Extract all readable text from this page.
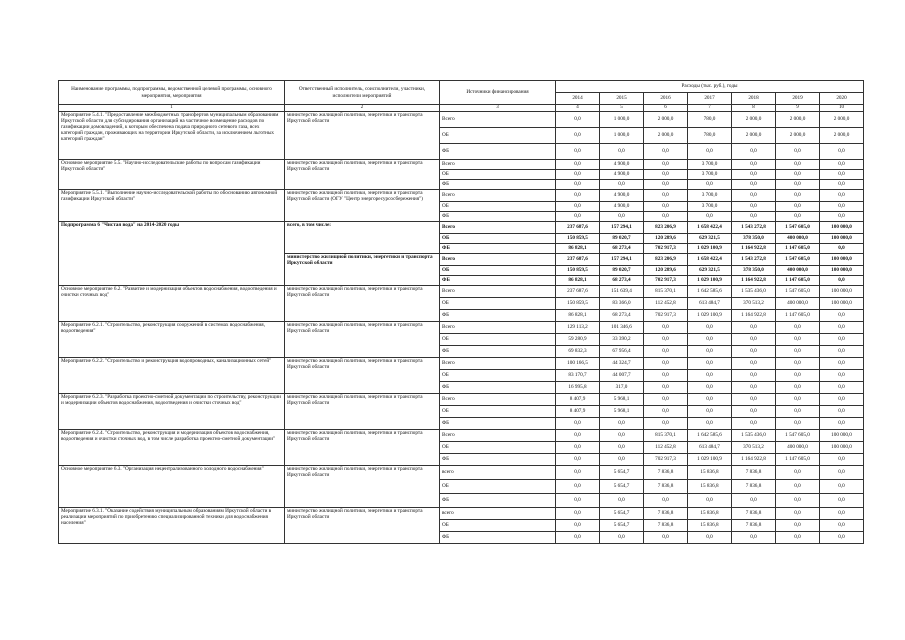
Наименование программы, подпрограммы, ведомственной целевой программы, основного мероприятия, мероприятия	Ответственный исполнитель, соисполнители, участники, исполнители мероприятий	Источники финансирования	Расходы (тыс. руб.), годы						
			2014	2015	2016	2017	2018	2019	2020
1	2	3	4	5	6	7	8	9	10
Мероприятие 5.4.1. "Предоставление межбюджетных трансфертов муниципальным образованиям Иркутской области для субсидирования организаций на частичное возмещение расходов по газификации домовладений, к которым обеспечена подача природного сетевого газа, всех категорий граждан, проживающих на территории Иркутской области, за исключением льготных категорий граждан"	министерство жилищной политики, энергетики и транспорта Иркутской области	Всего	0,0	1 000,0	2 000,0	780,0	2 000,0	2 000,0	2 000,0
		ОБ	0,0	1 000,0	2 000,0	780,0	2 000,0	2 000,0	2 000,0
		ФБ	0,0	0,0	0,0	0,0	0,0	0,0	0,0
Основное мероприятие 5.5. "Научно-исследовательские работы по вопросам газификации Иркутской области"	министерство жилищной политики, энергетики и транспорта Иркутской области	Всего	0,0	4 900,0	0,0	3 700,0	0,0	0,0	0,0
		ОБ	0,0	4 900,0	0,0	3 700,0	0,0	0,0	0,0
		ФБ	0,0	0,0	0,0	0,0	0,0	0,0	0,0
Мероприятие 5.5.1. "Выполнение научно-исследовательской работы по обоснованию автономной газификации Иркутской области"	министерство жилищной политики, энергетики и транспорта Иркутской области (ОГУ "Центр энергоресурсосбережения")	Всего	0,0	4 900,0	0,0	3 700,0	0,0	0,0	0,0
		ОБ	0,0	4 900,0	0,0	3 700,0	0,0	0,0	0,0
		ФБ	0,0	0,0	0,0	0,0	0,0	0,0	0,0
Подпрограмма 6 "Чистая вода" на 2014-2020 годы	всего, в том числе:	Всего	237 687,6	157 294,1	823 206,9	1 658 422,4	1 543 272,8	1 547 605,0	100 000,0
		ОБ	150 859,5	89 020,7	120 289,6	629 321,5	378 350,0	400 000,0	100 000,0
		ФБ	86 828,1	68 273,4	702 917,3	1 029 100,9	1 164 922,8	1 147 605,0	0,0
	министерство жилищной политики, энергетики и транспорта Иркутской области	Всего	237 687,6	157 294,1	823 206,9	1 658 422,4	1 543 272,8	1 547 605,0	100 000,0
		ОБ	150 859,5	89 020,7	120 289,6	629 321,5	378 350,0	400 000,0	100 000,0
		ФБ	86 828,1	68 273,4	702 917,3	1 029 100,9	1 164 922,8	1 147 605,0	0,0
Основное мероприятие 6.2. "Развитие и модернизация объектов водоснабжения, водоотведения и очистки сточных вод"	министерство жилищной политики, энергетики и транспорта Иркутской области	Всего	237 687,6	151 639,4	815 370,1	1 642 585,6	1 535 436,0	1 547 605,0	100 000,0
		ОБ	150 859,5	83 366,0	112 452,8	613 484,7	370 513,2	400 000,0	100 000,0
		ФБ	86 828,1	68 273,4	702 917,3	1 029 100,9	1 164 922,8	1 147 605,0	0,0
Мероприятие 6.2.1. "Строительство, реконструкция сооружений в системах водоснабжения, водоотведения"	министерство жилищной политики, энергетики и транспорта Иркутской области	Всего	129 113,2	101 346,6	0,0	0,0	0,0	0,0	0,0
		ОБ	59 280,9	33 390,2	0,0	0,0	0,0	0,0	0,0
		ФБ	69 832,3	67 956,4	0,0	0,0	0,0	0,0	0,0
Мероприятие 6.2.2. "Строительство и реконструкция водопроводных, канализационных сетей"	министерство жилищной политики, энергетики и транспорта Иркутской области	Всего	100 166,5	44 324,7	0,0	0,0	0,0	0,0	0,0
		ОБ	83 170,7	44 007,7	0,0	0,0	0,0	0,0	0,0
		ФБ	16 995,8	317,0	0,0	0,0	0,0	0,0	0,0
Мероприятие 6.2.3. "Разработка проектно-сметной документации по строительству, реконструкции и модернизации объектов водоснабжения, водоотведения и очистки сточных вод"	министерство жилищной политики, энергетики и транспорта Иркутской области	Всего	8 407,9	5 968,1	0,0	0,0	0,0	0,0	0,0
		ОБ	8 407,9	5 968,1	0,0	0,0	0,0	0,0	0,0
		ФБ	0,0	0,0	0,0	0,0	0,0	0,0	0,0
Мероприятие 6.2.4. "Строительство, реконструкция и модернизация объектов водоснабжения, водоотведения и очистки сточных вод, в том числе разработка проектно-сметной документации"	министерство жилищной политики, энергетики и транспорта Иркутской области	Всего	0,0	0,0	815 370,1	1 642 585,6	1 535 436,0	1 547 605,0	100 000,0
		ОБ	0,0	0,0	112 452,8	613 484,7	370 513,2	400 000,0	100 000,0
		ФБ	0,0	0,0	702 917,3	1 029 100,9	1 164 922,8	1 147 605,0	0,0
Основное мероприятие 6.3. "Организация нецентрализованного холодного водоснабжения"	министерство жилищной политики, энергетики и транспорта Иркутской области	всего	0,0	5 654,7	7 836,8	15 836,8	7 836,8	0,0	0,0
		ОБ	0,0	5 654,7	7 836,8	15 836,8	7 836,8	0,0	0,0
		ФБ	0,0	0,0	0,0	0,0	0,0	0,0	0,0
Мероприятие 6.3.1. "Оказание содействия муниципальным образованиям Иркутской области в реализации мероприятий по приобретению специализированной техники для водоснабжения населения"	министерство жилищной политики, энергетики и транспорта Иркутской области	всего	0,0	5 654,7	7 836,8	15 836,8	7 836,8	0,0	0,0
		ОБ	0,0	5 654,7	7 836,8	15 836,8	7 836,8	0,0	0,0
		ФБ	0,0	0,0	0,0	0,0	0,0	0,0	0,0
